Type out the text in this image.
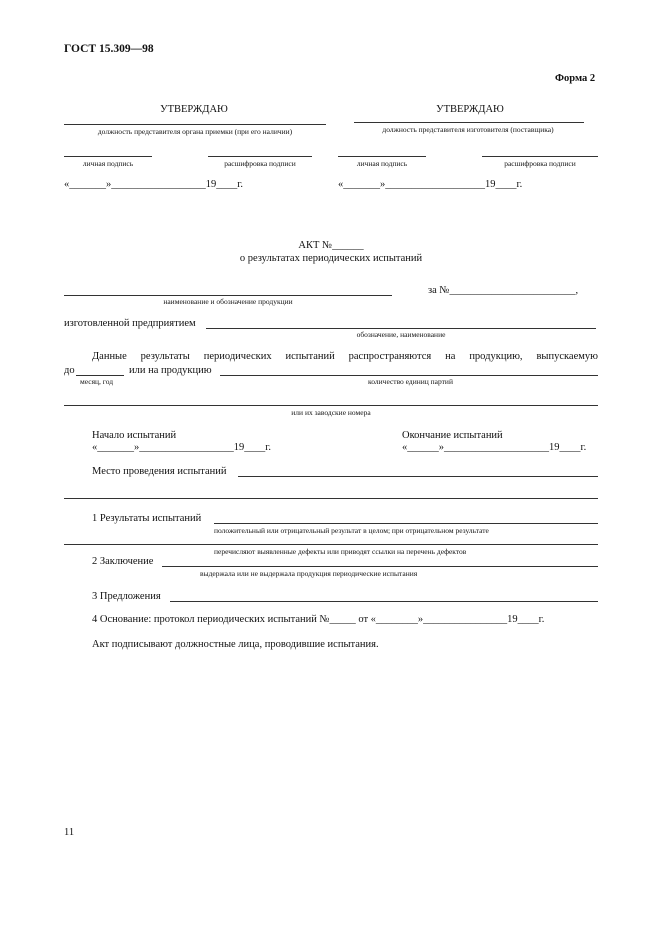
ГОСТ 15.309—98
Форма 2
УТВЕРЖДАЮ
должность представителя органа приемки (при его наличии)
личная подпись	расшифровка подписи
«_______»__________________19____г.
УТВЕРЖДАЮ
должность представителя изготовителя (поставщика)
личная подпись	расшифровка подписи
«_______»___________________19____г.
АКТ №______
о результатах периодических испытаний
за №________________________,
наименование и обозначение продукции
изготовленной предприятием
обозначение, наименование
Данные результаты периодических испытаний распространяются на продукцию, выпускаемую
до	или на продукцию
месяц, год	количество единиц партий
или их заводские номера
Начало испытаний
«_______»__________________19____г.
Окончание испытаний
«______»____________________19____г.
Место проведения испытаний
1 Результаты испытаний
положительный или отрицательный результат в целом; при отрицательном результате
перечисляют выявленные дефекты или приводят ссылки на перечень дефектов
2 Заключение
выдержала или не выдержала продукция периодические испытания
3 Предложения
4 Основание: протокол периодических испытаний №_____ от «________»________________19____г.
Акт подписывают должностные лица, проводившие испытания.
11
